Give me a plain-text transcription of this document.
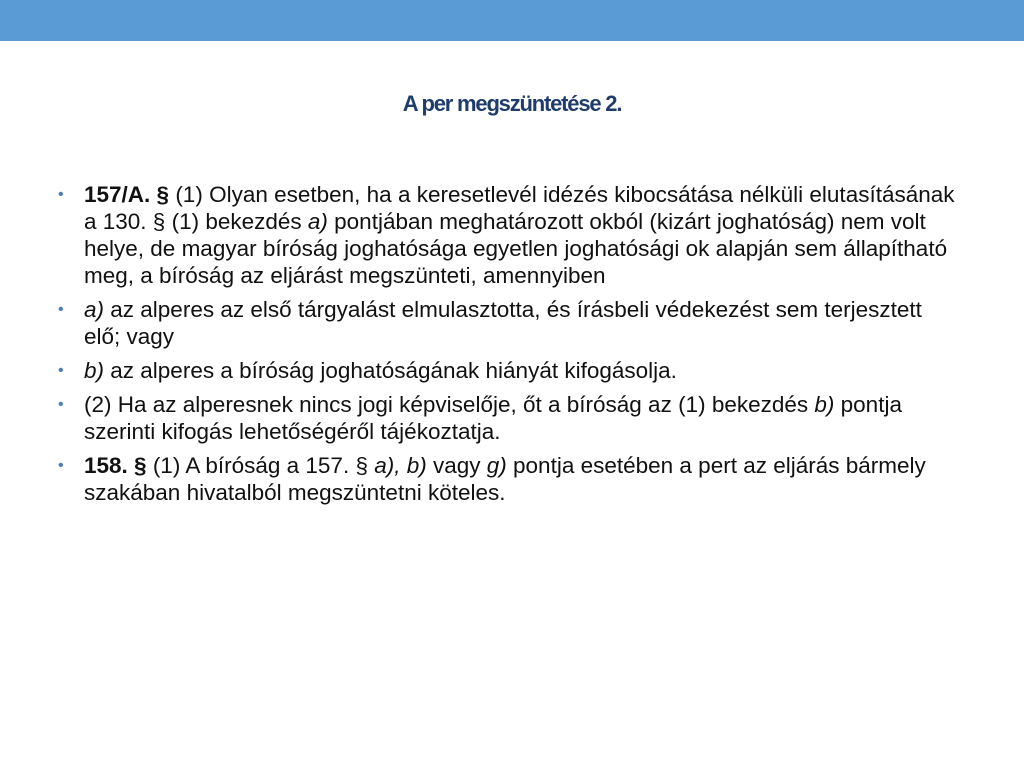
A per megszüntetése 2.
• 157/A. § (1) Olyan esetben, ha a keresetlevél idézés kibocsátása nélküli elutasításának a 130. § (1) bekezdés a) pontjában meghatározott okból (kizárt joghatóság) nem volt helye, de magyar bíróság joghatósága egyetlen joghatósági ok alapján sem állapítható meg, a bíróság az eljárást megszünteti, amennyiben
• a) az alperes az első tárgyalást elmulasztotta, és írásbeli védekezést sem terjesztett elő; vagy
• b) az alperes a bíróság joghatóságának hiányát kifogásolja.
• (2) Ha az alperesnek nincs jogi képviselője, őt a bíróság az (1) bekezdés b) pontja szerinti kifogás lehetőségéről tájékoztatja.
• 158. § (1) A bíróság a 157. § a), b) vagy g) pontja esetében a pert az eljárás bármely szakában hivatalból megszüntetni köteles.
